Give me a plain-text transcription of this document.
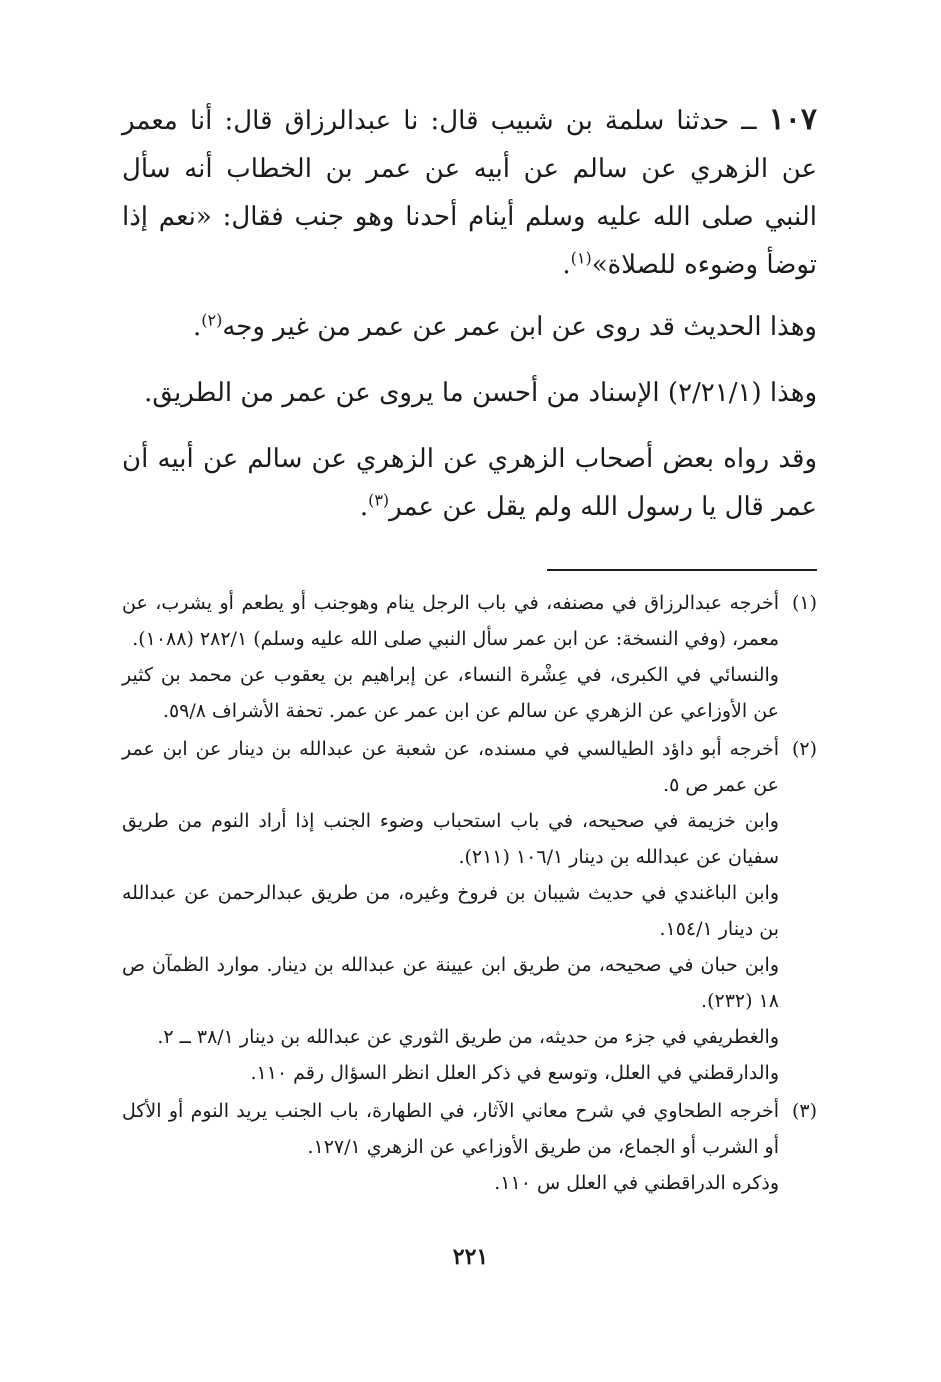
١٠٧ ــ حدثنا سلمة بن شبيب قال: نا عبدالرزاق قال: أنا معمر عن الزهري عن سالم عن أبيه عن عمر بن الخطاب أنه سأل النبي صلى الله عليه وسلم أينام أحدنا وهو جنب فقال: «نعم إذا توضأ وضوءه للصلاة»$^{(١)}$.

وهذا الحديث قد روى عن ابن عمر عن عمر من غير وجه$^{(٢)}$.

وهذا (٢/٢١/١) الإسناد من أحسن ما يروى عن عمر من الطريق.

وقد رواه بعض أصحاب الزهري عن الزهري عن سالم عن أبيه أن عمر قال يا رسول الله ولم يقل عن عمر$^{(٣)}$.

(١)

أخرجه عبدالرزاق في مصنفه، في باب الرجل ينام وهوجنب أو يطعم أو يشرب، عن معمر، (وفي النسخة: عن ابن عمر سأل النبي صلى الله عليه وسلم) ٢٨٢/١ (١٠٨٨).

والنسائي في الكبرى، في عِشْرة النساء، عن إبراهيم بن يعقوب عن محمد بن كثير عن الأوزاعي عن الزهري عن سالم عن ابن عمر عن عمر. تحفة الأشراف ٥٩/٨.

(٢)

أخرجه أبو داؤد الطيالسي في مسنده، عن شعبة عن عبدالله بن دينار عن ابن عمر عن عمر ص ٥.

وابن خزيمة في صحيحه، في باب استحباب وضوء الجنب إذا أراد النوم من طريق سفيان عن عبدالله بن دينار ١٠٦/١ (٢١١).

وابن الباغندي في حديث شيبان بن فروخ وغيره، من طريق عبدالرحمن عن عبدالله بن دينار ١٥٤/١.

وابن حبان في صحيحه، من طريق ابن عيينة عن عبدالله بن دينار. موارد الظمآن ص ١٨ (٢٣٢).

والغطريفي في جزء من حديثه، من طريق الثوري عن عبدالله بن دينار ٣٨/١ ــ ٢.

والدارقطني في العلل، وتوسع في ذكر العلل انظر السؤال رقم ١١٠.

(٣)

أخرجه الطحاوي في شرح معاني الآثار، في الطهارة، باب الجنب يريد النوم أو الأكل أو الشرب أو الجماع، من طريق الأوزاعي عن الزهري ١٢٧/١.

وذكره الدراقطني في العلل س ١١٠.

٢٢١
